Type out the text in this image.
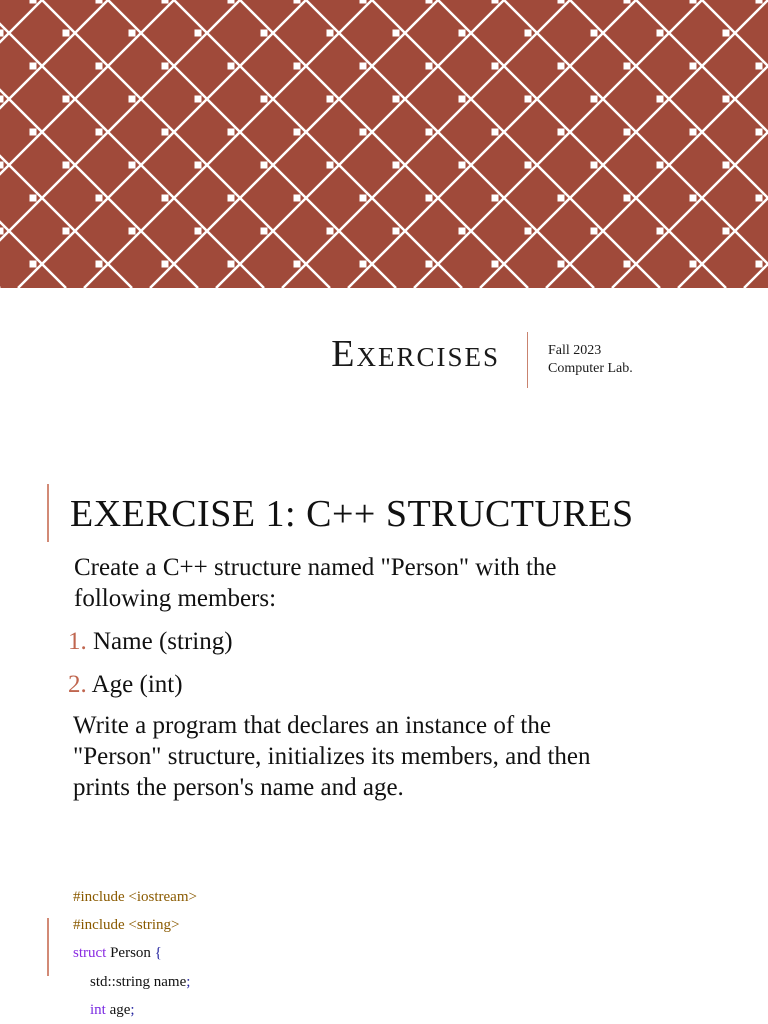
Exercises	Fall 2023
Computer Lab.
EXERCISE 1: C++ STRUCTURES
Create a C++ structure named "Person" with the
following members:
1. Name (string)
2. Age (int)
Write a program that declares an instance of the
"Person" structure, initializes its members, and then
prints the person's name and age.
#include <iostream>
#include <string>
struct Person {
std::string name;
int age;
